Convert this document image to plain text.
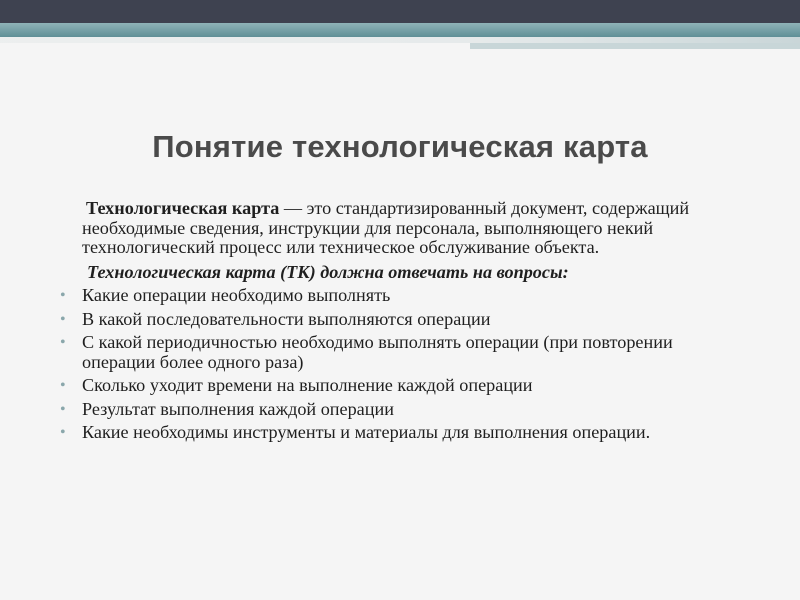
Понятие технологическая карта

Технологическая карта — это стандартизированный документ, содержащий необходимые сведения, инструкции для персонала, выполняющего некий технологический процесс или техническое обслуживание объекта.

Технологическая карта (ТК) должна отвечать на вопросы:

• Какие операции необходимо выполнять
• В какой последовательности выполняются операции
• С какой периодичностью необходимо выполнять операции (при повторении операции более одного раза)
• Сколько уходит времени на выполнение каждой операции
• Результат выполнения каждой операции
• Какие необходимы инструменты и материалы для выполнения операции.
